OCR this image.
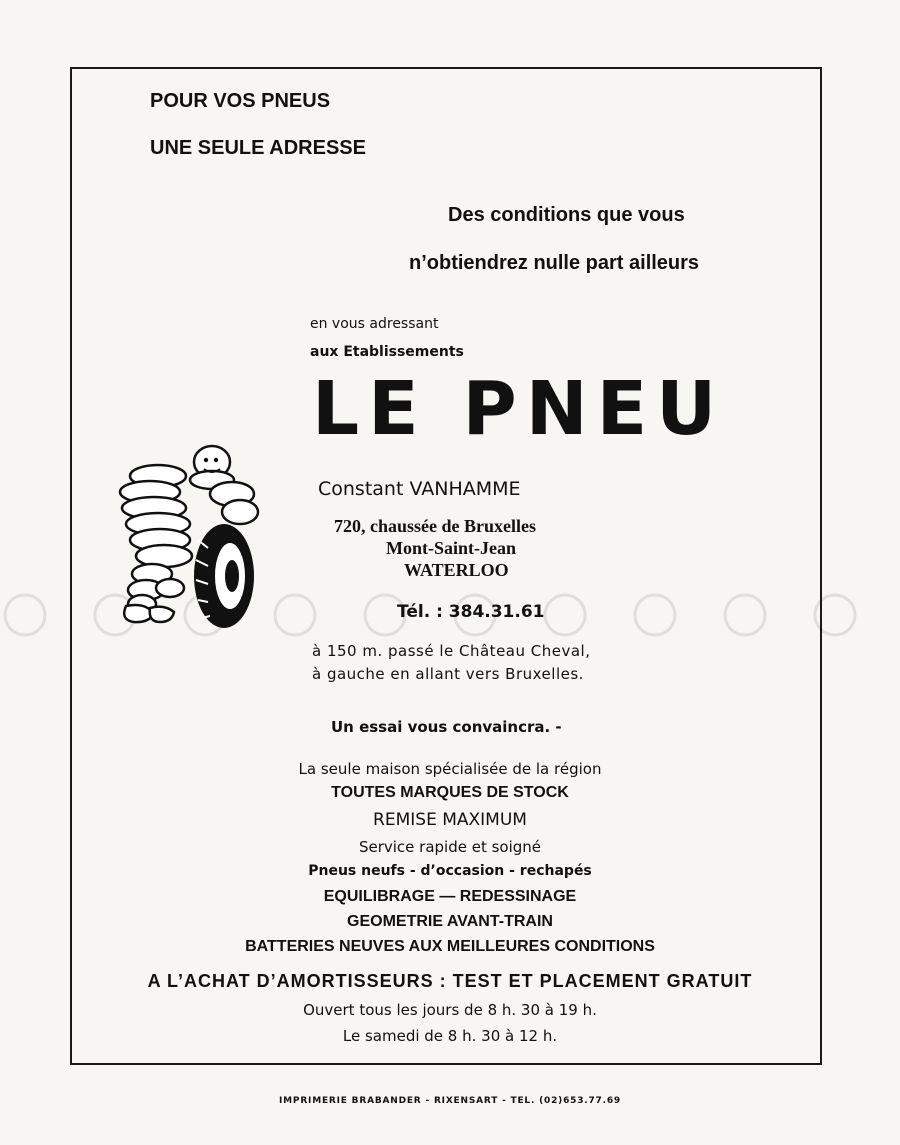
POUR VOS PNEUS
UNE SEULE ADRESSE
Des conditions que vous
n’obtiendrez nulle part ailleurs
en vous adressant
aux Etablissements
LE PNEU
Constant VANHAMME
720, chaussée de Bruxelles
Mont-Saint-Jean
WATERLOO
Tél. : 384.31.61
à 150 m. passé le Château Cheval, à gauche en allant vers Bruxelles.
Un essai vous convaincra. -
La seule maison spécialisée de la région
TOUTES MARQUES DE STOCK
REMISE MAXIMUM
Service rapide et soigné
Pneus neufs - d’occasion - rechapés
EQUILIBRAGE — REDESSINAGE
GEOMETRIE AVANT-TRAIN
BATTERIES NEUVES AUX MEILLEURES CONDITIONS
A L’ACHAT D’AMORTISSEURS : TEST ET PLACEMENT GRATUIT
Ouvert tous les jours de 8 h. 30 à 19 h.
Le samedi de 8 h. 30 à 12 h.
IMPRIMERIE BRABANDER - RIXENSART - TEL. (02)653.77.69
